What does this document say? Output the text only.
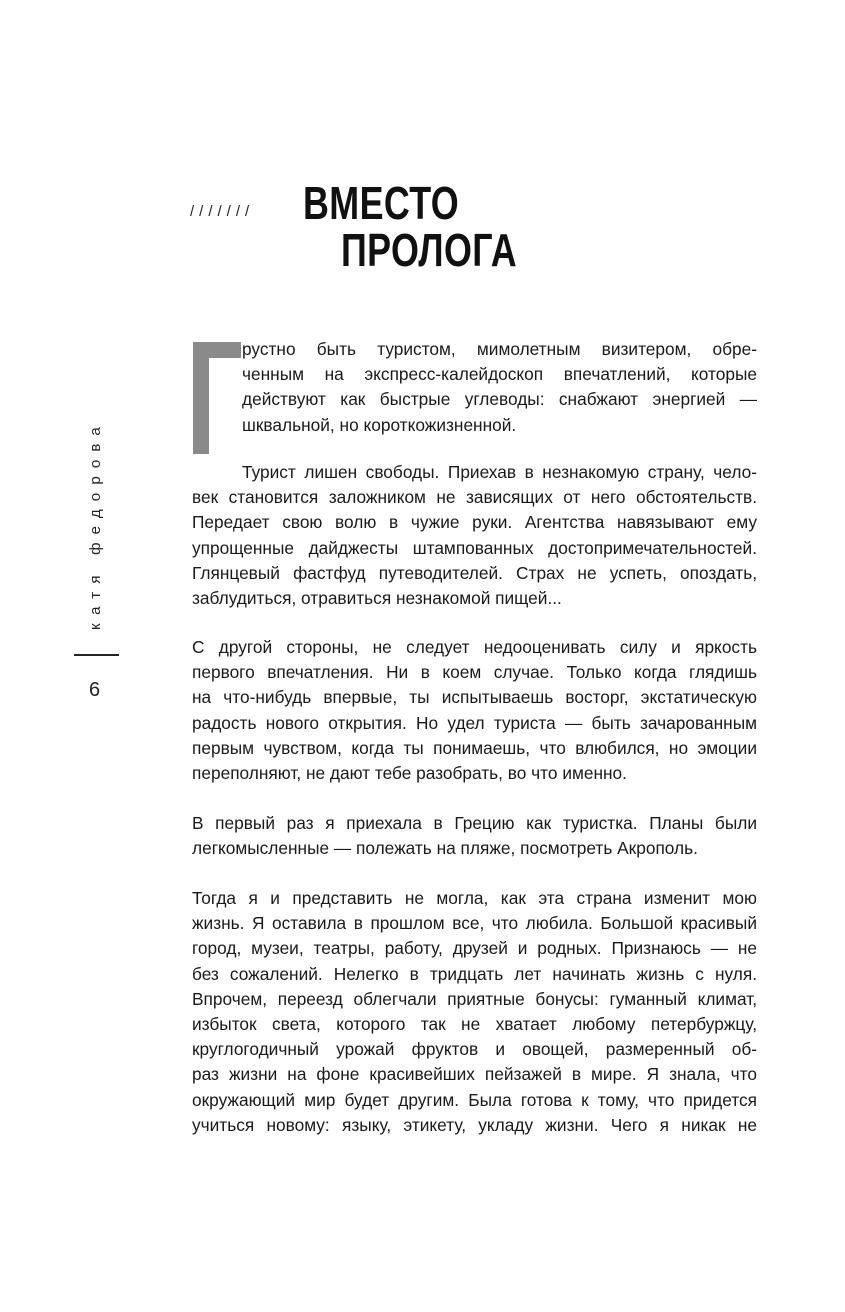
/////// ВМЕСТО
ПРОЛОГА
катя федорова
6
рустно быть туристом, мимолетным визитером, обре-
ченным на экспресс-калейдоскоп впечатлений, которые
действуют как быстрые углеводы: снабжают энергией —
шквальной, но короткожизненной.
Турист лишен свободы. Приехав в незнакомую страну, чело-
век становится заложником не зависящих от него обстоятельств.
Передает свою волю в чужие руки. Агентства навязывают ему
упрощенные дайджесты штампованных достопримечательностей.
Глянцевый фастфуд путеводителей. Страх не успеть, опоздать,
заблудиться, отравиться незнакомой пищей...
С другой стороны, не следует недооценивать силу и яркость
первого впечатления. Ни в коем случае. Только когда глядишь
на что-нибудь впервые, ты испытываешь восторг, экстатическую
радость нового открытия. Но удел туриста — быть зачарованным
первым чувством, когда ты понимаешь, что влюбился, но эмоции
переполняют, не дают тебе разобрать, во что именно.
В первый раз я приехала в Грецию как туристка. Планы были
легкомысленные — полежать на пляже, посмотреть Акрополь.
Тогда я и представить не могла, как эта страна изменит мою
жизнь. Я оставила в прошлом все, что любила. Большой красивый
город, музеи, театры, работу, друзей и родных. Признаюсь — не
без сожалений. Нелегко в тридцать лет начинать жизнь с нуля.
Впрочем, переезд облегчали приятные бонусы: гуманный климат,
избыток света, которого так не хватает любому петербуржцу,
круглогодичный урожай фруктов и овощей, размеренный об-
раз жизни на фоне красивейших пейзажей в мире. Я знала, что
окружающий мир будет другим. Была готова к тому, что придется
учиться новому: языку, этикету, укладу жизни. Чего я никак не
